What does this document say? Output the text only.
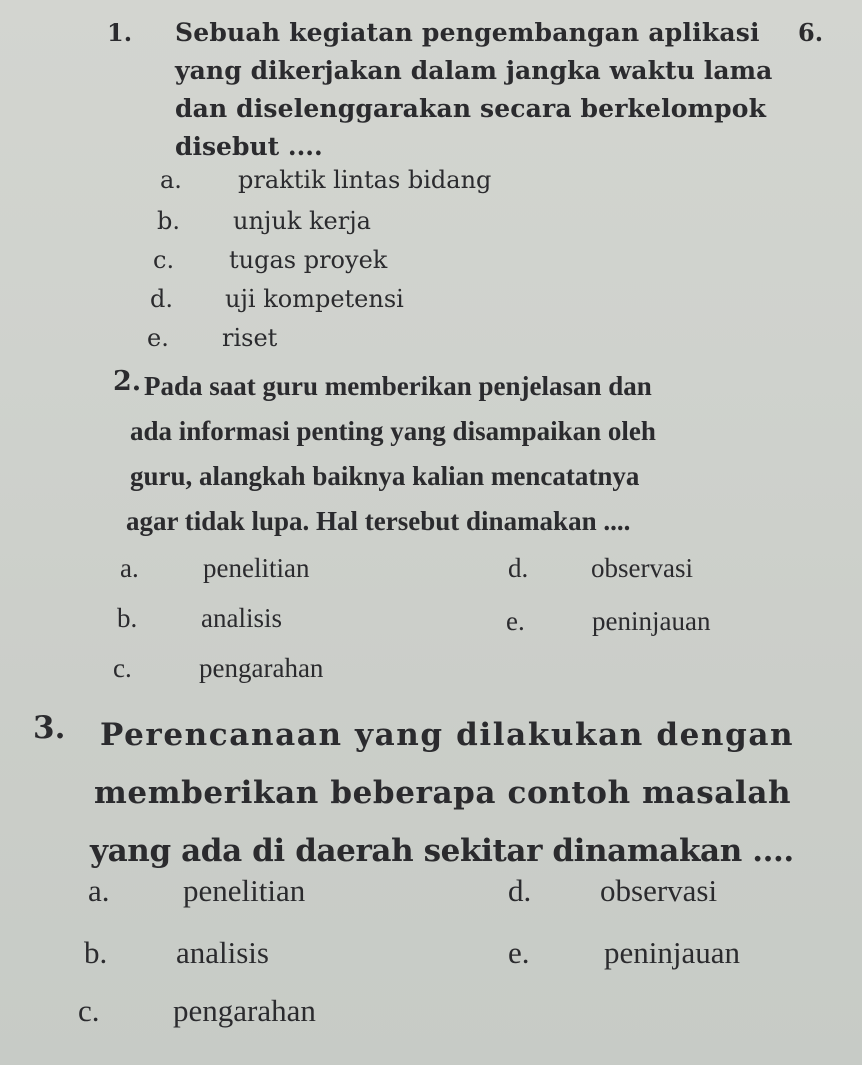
6.
1. Sebuah kegiatan pengembangan aplikasi
yang dikerjakan dalam jangka waktu lama
dan diselenggarakan secara berkelompok
disebut ....
a. praktik lintas bidang
b. unjuk kerja
c. tugas proyek
d. uji kompetensi
e. riset
2. Pada saat guru memberikan penjelasan dan
ada informasi penting yang disampaikan oleh
guru, alangkah baiknya kalian mencatatnya
agar tidak lupa. Hal tersebut dinamakan ....
a. penelitian
b. analisis
c. pengarahan
d. observasi
e. peninjauan
3. Perencanaan yang dilakukan dengan
memberikan beberapa contoh masalah
yang ada di daerah sekitar dinamakan ....
a. penelitian
b. analisis
c. pengarahan
d. observasi
e. peninjauan
